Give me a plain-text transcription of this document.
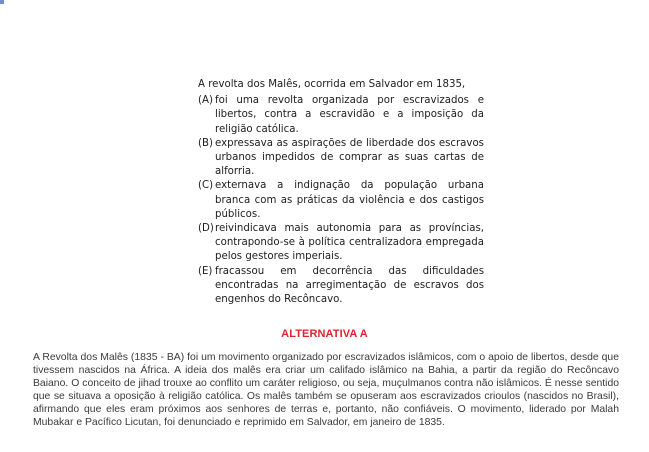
A revolta dos Malês, ocorrida em Salvador em 1835,

(A) foi uma revolta organizada por escravizados e libertos, contra a escravidão e a imposição da religião católica.
(B) expressava as aspirações de liberdade dos escravos urbanos impedidos de comprar as suas cartas de alforria.
(C) externava a indignação da população urbana branca com as práticas da violência e dos castigos públicos.
(D) reivindicava mais autonomia para as províncias, contrapondo-se à política centralizadora empregada pelos gestores imperiais.
(E) fracassou em decorrência das dificuldades encontradas na arregimentação de escravos dos engenhos do Recôncavo.
ALTERNATIVA A

A Revolta dos Malês (1835 - BA) foi um movimento organizado por escravizados islâmicos, com o apoio de libertos, desde que tivessem nascidos na África. A ideia dos malês era criar um califado islâmico na Bahia, a partir da região do Recôncavo Baiano. O conceito de jihad trouxe ao conflito um caráter religioso, ou seja, muçulmanos contra não islâmicos. É nesse sentido que se situava a oposição à religião católica. Os malês também se opuseram aos escravizados crioulos (nascidos no Brasil), afirmando que eles eram próximos aos senhores de terras e, portanto, não confiáveis. O movimento, liderado por Malah Mubakar e Pacífico Licutan, foi denunciado e reprimido em Salvador, em janeiro de 1835.
